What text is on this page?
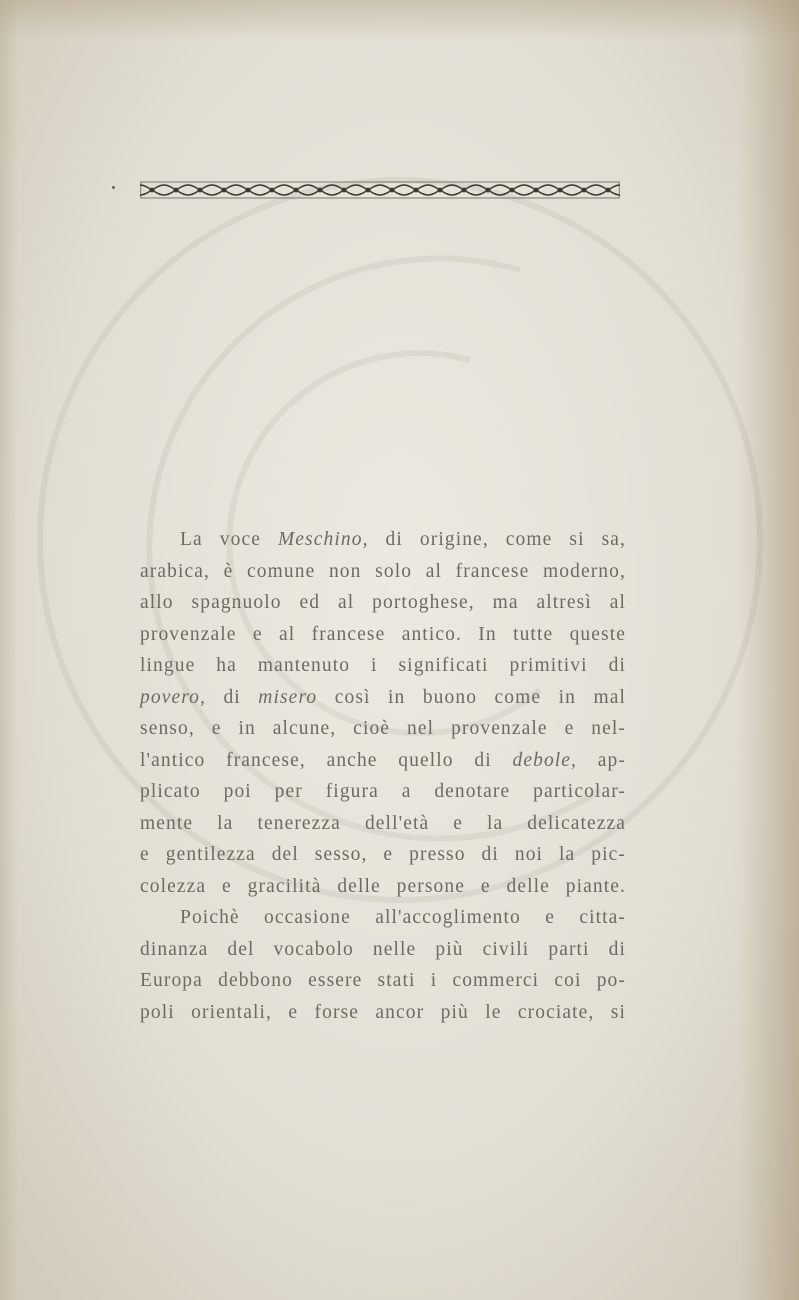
La voce Meschino, di origine, come si sa,
arabica, è comune non solo al francese moderno,
allo spagnuolo ed al portoghese, ma altresì al
provenzale e al francese antico. In tutte queste
lingue ha mantenuto i significati primitivi di
povero, di misero così in buono come in mal
senso, e in alcune, cioè nel provenzale e nel-
l'antico francese, anche quello di debole, ap-
plicato poi per figura a denotare particolar-
mente la tenerezza dell'età e la delicatezza
e gentilezza del sesso, e presso di noi la pic-
colezza e gracilità delle persone e delle piante.
Poichè occasione all'accoglimento e citta-
dinanza del vocabolo nelle più civili parti di
Europa debbono essere stati i commerci coi po-
poli orientali, e forse ancor più le crociate, si
